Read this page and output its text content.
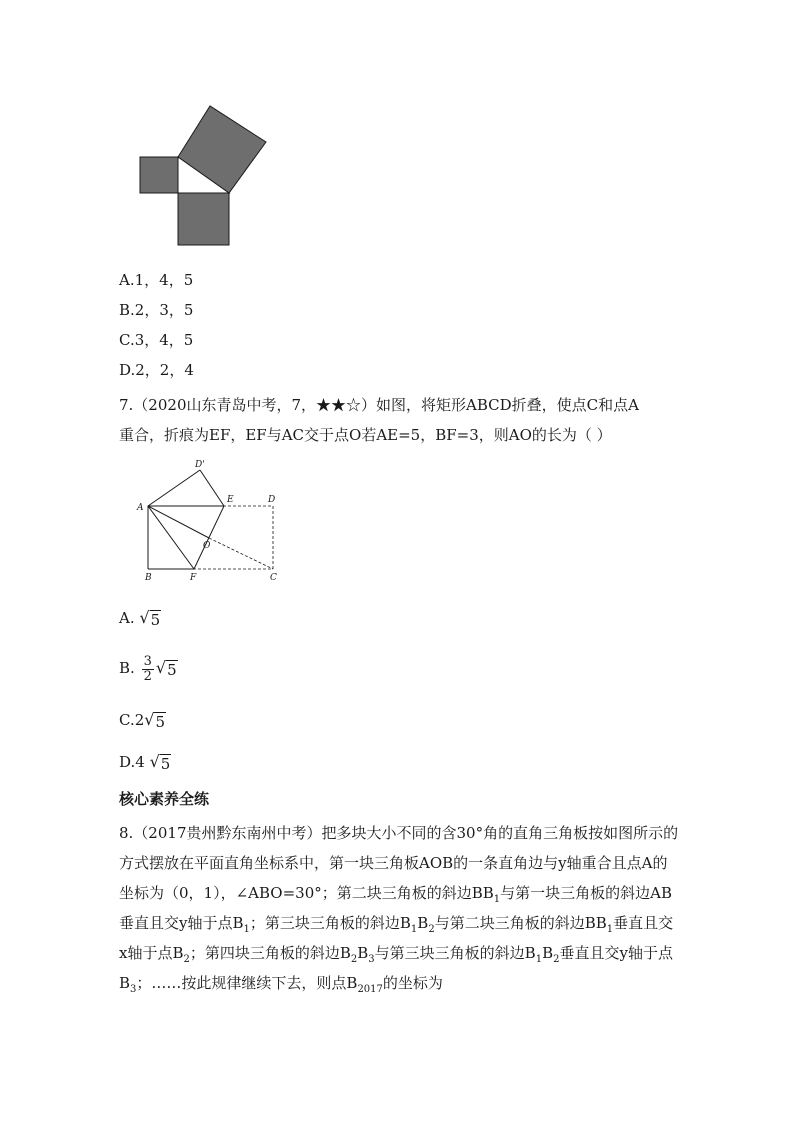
A.1，4，5
B.2，3，5
C.3，4，5
D.2，2，4
7.（2020山东青岛中考，7，★★☆）如图，将矩形ABCD折叠，使点C和点A
重合，折痕为EF，EF与AC交于点O若AE=5，BF=3，则AO的长为（ ）
D'
A
E	D
O
B	F	C
A. √ 5
B. $\frac{3}{2}$ √ 5
C.2 √ 5
D.4 √ 5
核心素养全练
8.（2017贵州黔东南州中考）把多块大小不同的含30°角的直角三角板按如图所示的方式摆放在平面直角坐标系中，第一块三角板AOB的一条直角边与y轴重合且点A的坐标为（0，1），∠ABO=30°；第二块三角板的斜边$BB_1$与第一块三角板的斜边AB垂直且交y轴于点$B_1$；第三块三角板的斜边$B_1B_2$与第二块三角板的斜边$BB_1$垂直且交x轴于点$B_2$；第四块三角板的斜边$B_2B_3$与第三块三角板的斜边$B_1B_2$垂直且交y轴于点$B_3$；……按此规律继续下去，则点$B_{2017}$的坐标为
